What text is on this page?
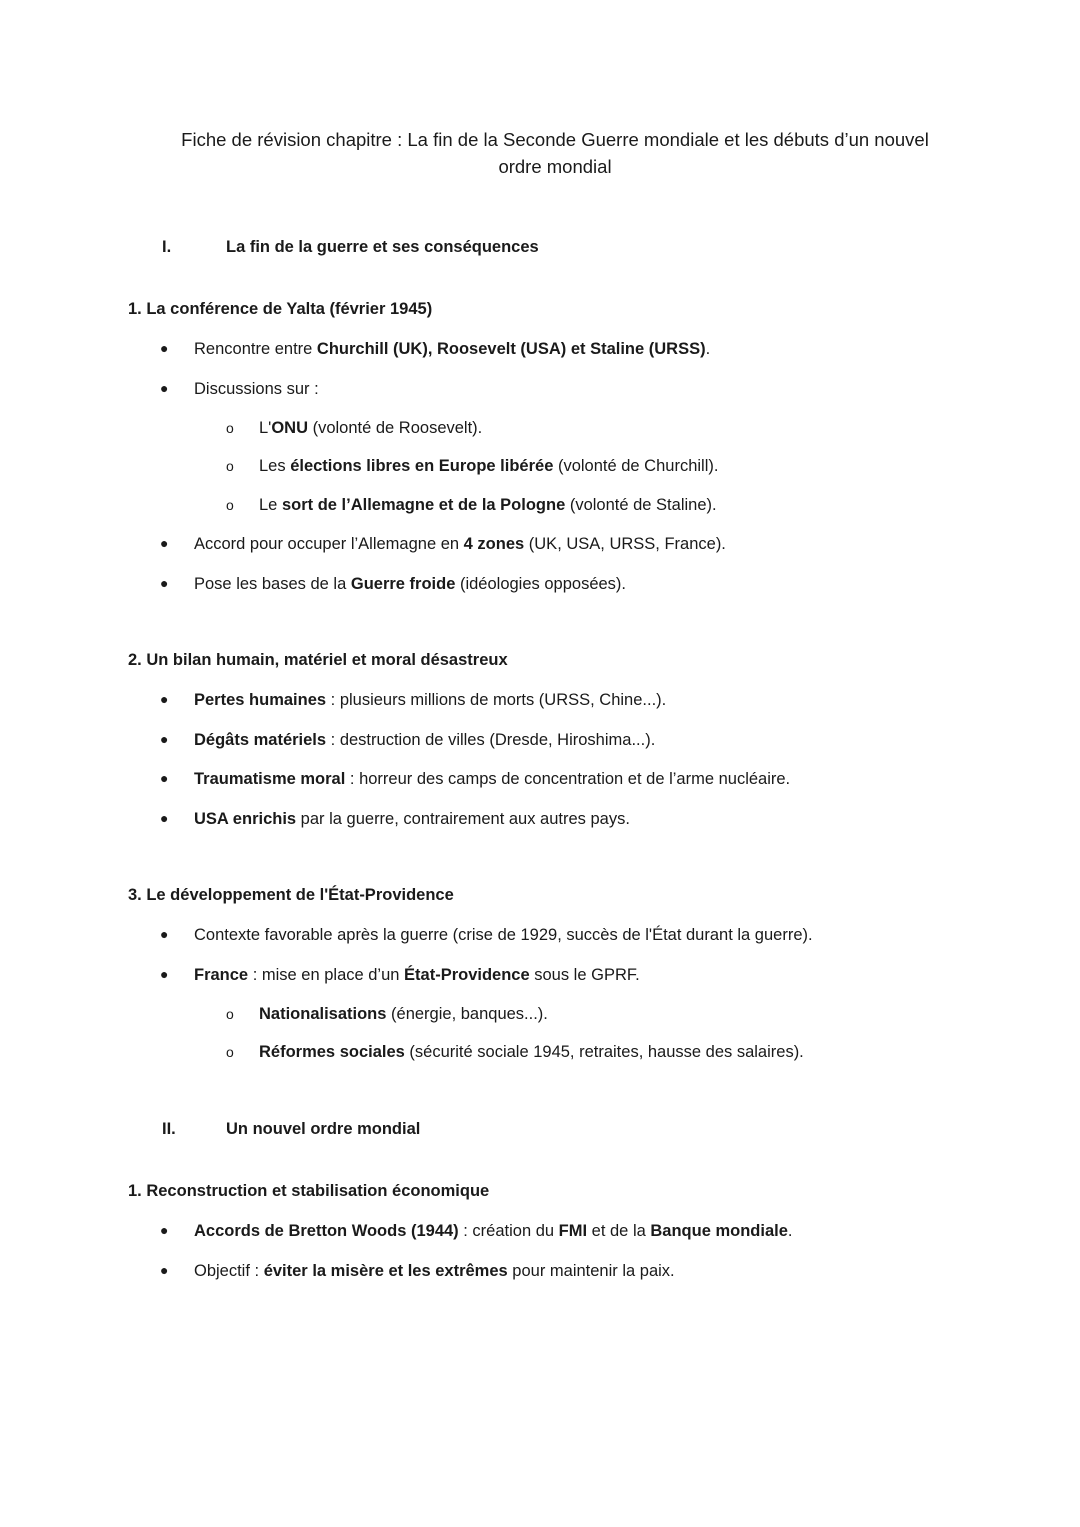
Fiche de révision chapitre : La fin de la Seconde Guerre mondiale et les débuts d’un nouvel
ordre mondial
I.	La fin de la guerre et ses conséquences
1. La conférence de Yalta (février 1945)
● Rencontre entre Churchill (UK), Roosevelt (USA) et Staline (URSS).
● Discussions sur :
o L'ONU (volonté de Roosevelt).
o Les élections libres en Europe libérée (volonté de Churchill).
o Le sort de l’Allemagne et de la Pologne (volonté de Staline).
● Accord pour occuper l’Allemagne en 4 zones (UK, USA, URSS, France).
● Pose les bases de la Guerre froide (idéologies opposées).
2. Un bilan humain, matériel et moral désastreux
● Pertes humaines : plusieurs millions de morts (URSS, Chine...).
● Dégâts matériels : destruction de villes (Dresde, Hiroshima...).
● Traumatisme moral : horreur des camps de concentration et de l’arme nucléaire.
● USA enrichis par la guerre, contrairement aux autres pays.
3. Le développement de l'État-Providence
● Contexte favorable après la guerre (crise de 1929, succès de l'État durant la guerre).
● France : mise en place d’un État-Providence sous le GPRF.
o Nationalisations (énergie, banques...).
o Réformes sociales (sécurité sociale 1945, retraites, hausse des salaires).
II.	Un nouvel ordre mondial
1. Reconstruction et stabilisation économique
● Accords de Bretton Woods (1944) : création du FMI et de la Banque mondiale.
● Objectif : éviter la misère et les extrêmes pour maintenir la paix.
